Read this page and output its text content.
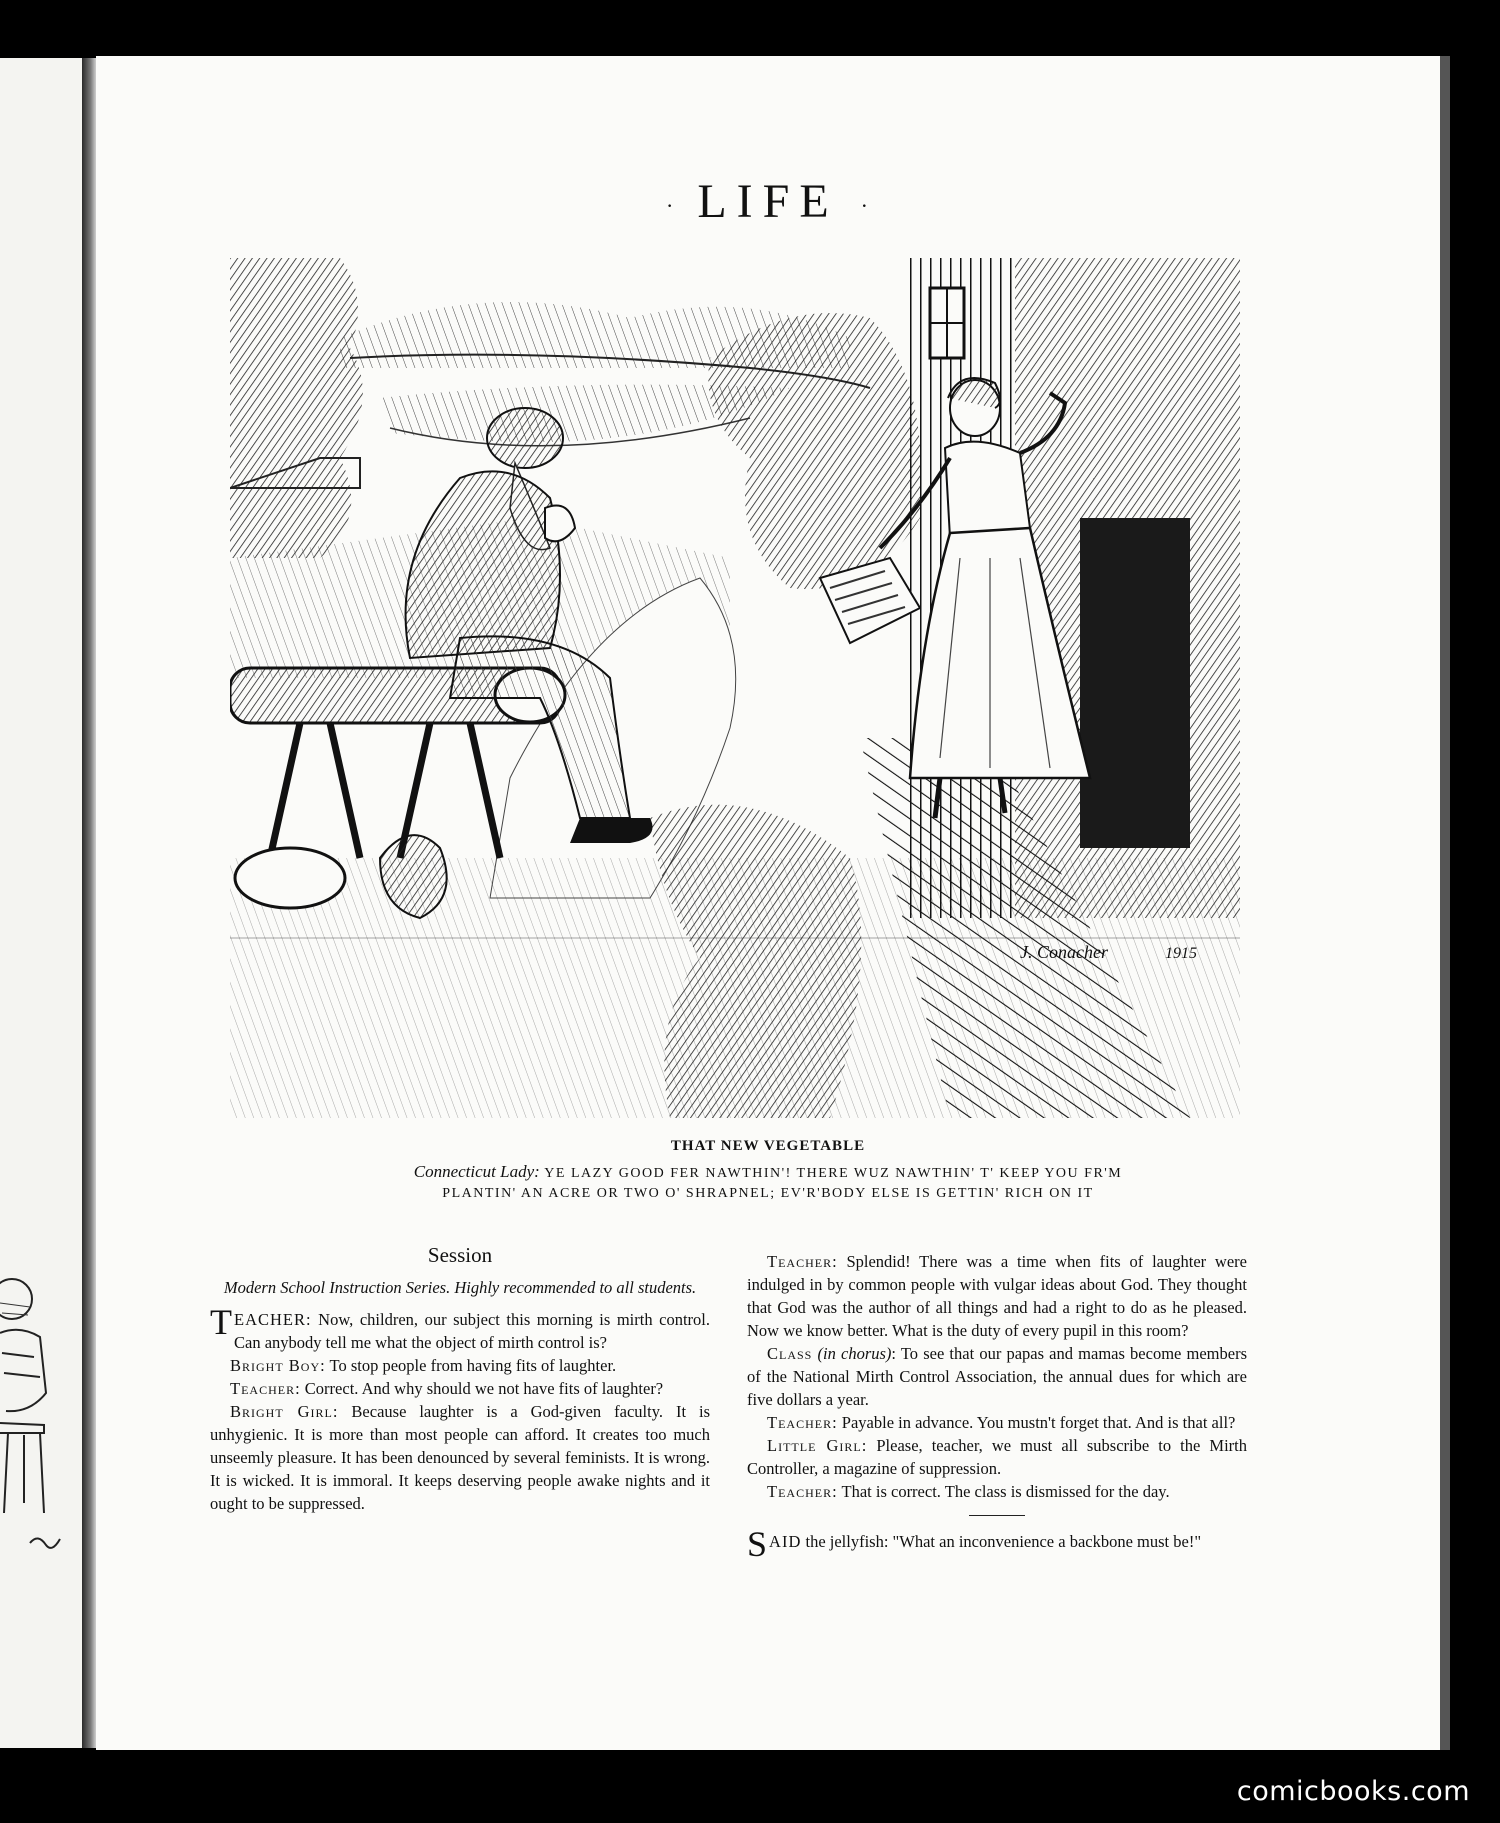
· LIFE ·
J. Conacher	1915
THAT NEW VEGETABLE
Connecticut Lady: YE LAZY GOOD FER NAWTHIN'! THERE WUZ NAWTHIN' T' KEEP YOU FR'M
PLANTIN' AN ACRE OR TWO O' SHRAPNEL; EV'R'BODY ELSE IS GETTIN' RICH ON IT
Session
Modern School Instruction Series. Highly recommended to all students.

TEACHER: Now, children, our subject this morning is mirth control. Can anybody tell me what the object of mirth control is?

Bright Boy: To stop people from having fits of laughter.

Teacher: Correct. And why should we not have fits of laughter?

Bright Girl: Because laughter is a God-given faculty. It is unhygienic. It is more than most people can afford. It creates too much unseemly pleasure. It has been denounced by several feminists. It is wrong. It is wicked. It is immoral. It keeps deserving people awake nights and it ought to be suppressed.

Teacher: Splendid! There was a time when fits of laughter were indulged in by common people with vulgar ideas about God. They thought that God was the author of all things and had a right to do as he pleased. Now we know better. What is the duty of every pupil in this room?

Class (in chorus): To see that our papas and mamas become members of the National Mirth Control Association, the annual dues for which are five dollars a year.

Teacher: Payable in advance. You mustn't forget that. And is that all?

Little Girl: Please, teacher, we must all subscribe to the Mirth Controller, a magazine of suppression.

Teacher: That is correct. The class is dismissed for the day.

SAID the jellyfish: "What an inconvenience a backbone must be!"

comicbooks.com
